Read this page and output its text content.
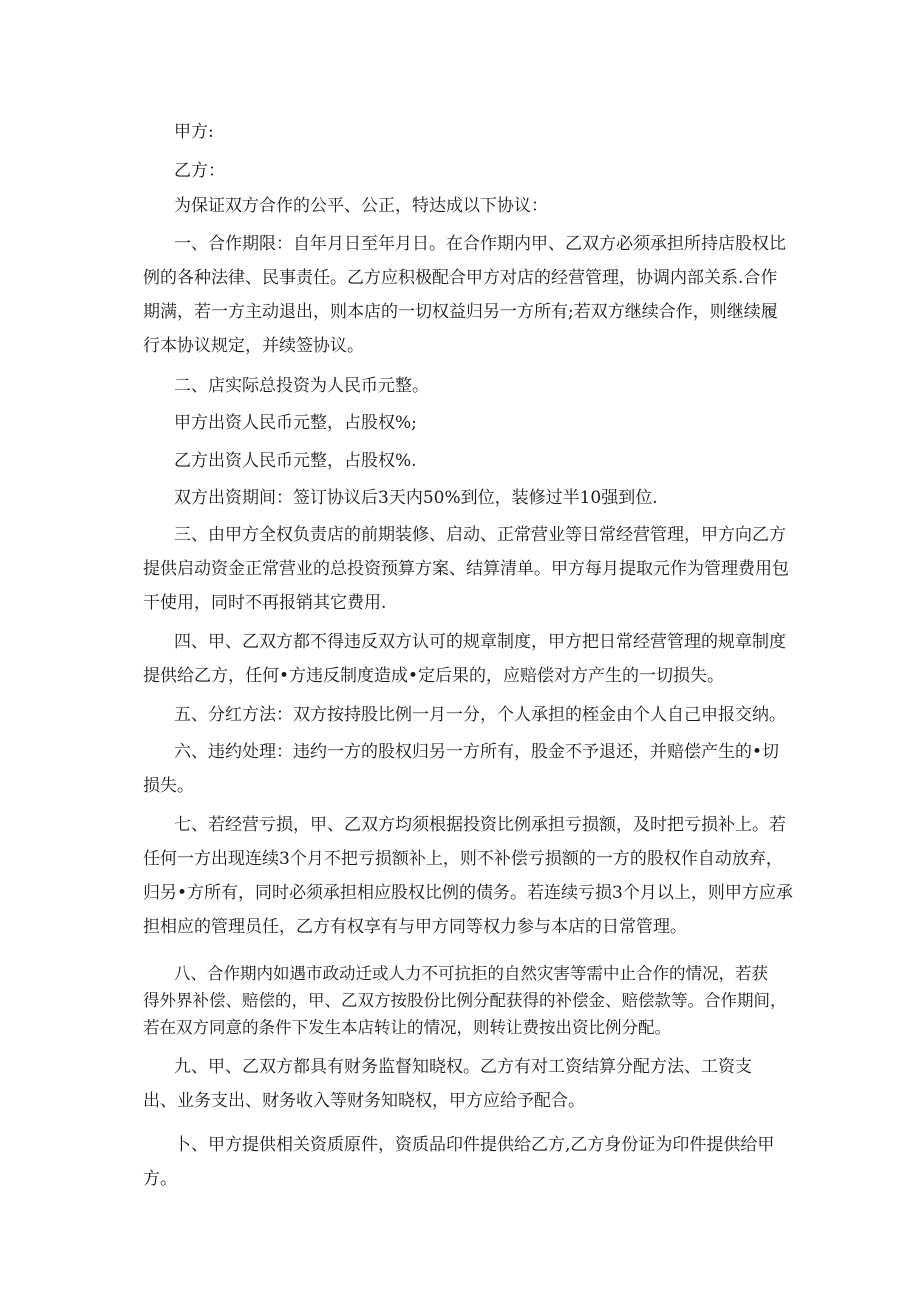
甲方:

乙方：

为保证双方合作的公平、公正，特达成以下协议：

一、合作期限：自年月日至年月日。在合作期内甲、乙双方必须承担所持店股权比
例的各种法律、民事责任。乙方应积极配合甲方对店的经营管理，协调内部关系.合作
期满，若一方主动退出，则本店的一切权益归另一方所有;若双方继续合作，则继续履
行本协议规定，并续签协议。

二、店实际总投资为人民币元整。

甲方出资人民币元整，占股权%;

乙方出资人民币元整，占股权%.

双方出资期间：签订协议后3天内50%到位，装修过半10强到位.

三、由甲方全权负责店的前期装修、启动、正常营业等日常经营管理，甲方向乙方
提供启动资金正常营业的总投资预算方案、结算清单。甲方每月提取元作为管理费用包
干使用，同时不再报销其它费用.
四、甲、乙双方都不得违反双方认可的规章制度，甲方把日常经营管理的规章制度
提供给乙方，任何•方违反制度造成•定后果的，应赔偿对方产生的一切损失。

五、分红方法：双方按持股比例一月一分，个人承担的桎金由个人自己申报交纳。

六、违约处理：违约一方的股权归另一方所有，股金不予退还，并赔偿产生的•切
损失。
七、若经营亏损，甲、乙双方均须根据投资比例承担亏损额，及时把亏损补上。若
任何一方出现连续3个月不把亏损额补上，则不补偿亏损额的一方的股权作自动放弃，
归另•方所有，同时必须承担相应股权比例的债务。若连续亏损3个月以上，则甲方应承
担相应的管理员任，乙方有权享有与甲方同等权力参与本店的日常管理。
八、合作期内如遇市政动迁或人力不可抗拒的自然灾害等需中止合作的情况，若获
得外界补偿、赔偿的，甲、乙双方按股份比例分配获得的补偿金、赔偿款等。合作期间，
若在双方同意的条件下发生本店转让的情况，则转让费按出资比例分配。
九、甲、乙双方都具有财务监督知晓权。乙方有对工资结算分配方法、工资支
出、业务支出、财务收入等财务知晓权，甲方应给予配合。
卜、甲方提供相关资质原件，资质品印件提供给乙方,乙方身份证为印件提供给甲
方。
